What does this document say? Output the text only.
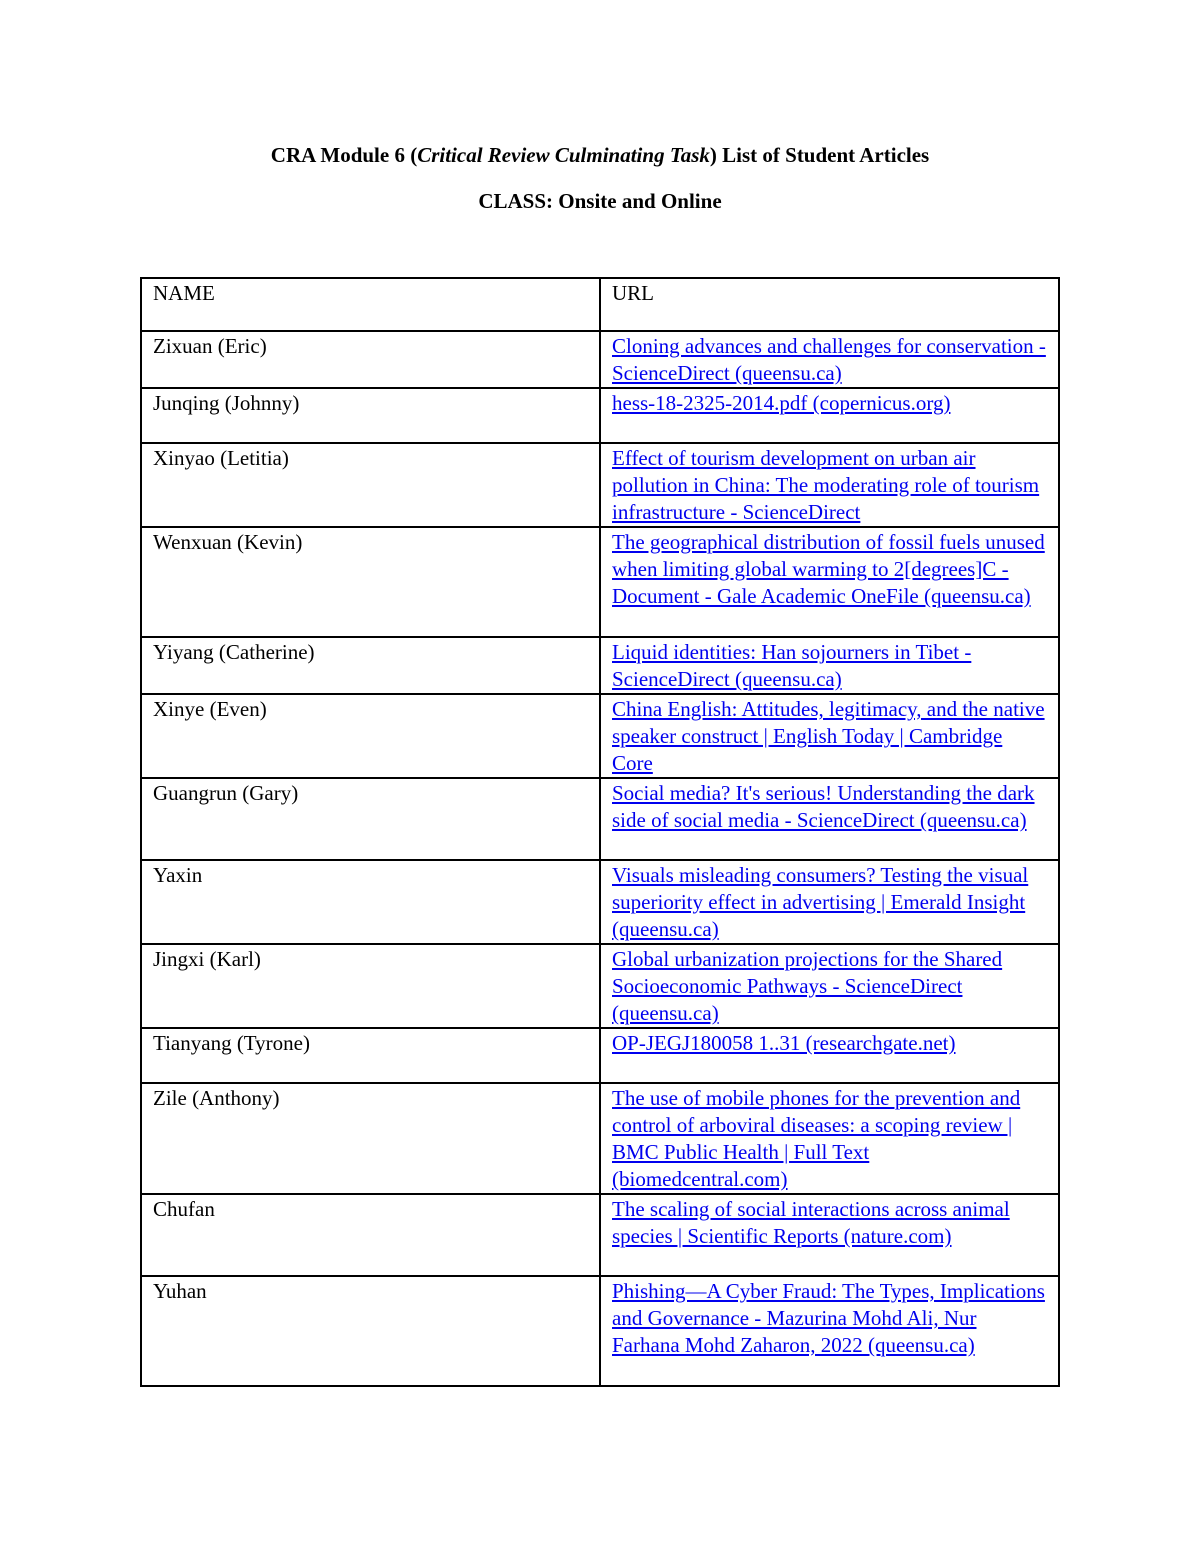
CRA Module 6 (Critical Review Culminating Task) List of Student Articles
CLASS: Onsite and Online
NAME	URL
Zixuan (Eric)	Cloning advances and challenges for conservation - ScienceDirect (queensu.ca)
Junqing (Johnny)	hess-18-2325-2014.pdf (copernicus.org)
Xinyao (Letitia)	Effect of tourism development on urban air pollution in China: The moderating role of tourism infrastructure - ScienceDirect
Wenxuan (Kevin)	The geographical distribution of fossil fuels unused when limiting global warming to 2[degrees]C - Document - Gale Academic OneFile (queensu.ca)
Yiyang (Catherine)	Liquid identities: Han sojourners in Tibet - ScienceDirect (queensu.ca)
Xinye (Even)	China English: Attitudes, legitimacy, and the native speaker construct | English Today | Cambridge Core
Guangrun (Gary)	Social media? It's serious! Understanding the dark side of social media - ScienceDirect (queensu.ca)
Yaxin	Visuals misleading consumers? Testing the visual superiority effect in advertising | Emerald Insight (queensu.ca)
Jingxi (Karl)	Global urbanization projections for the Shared Socioeconomic Pathways - ScienceDirect (queensu.ca)
Tianyang (Tyrone)	OP-JEGJ180058 1..31 (researchgate.net)
Zile (Anthony)	The use of mobile phones for the prevention and control of arboviral diseases: a scoping review | BMC Public Health | Full Text (biomedcentral.com)
Chufan	The scaling of social interactions across animal species | Scientific Reports (nature.com)
Yuhan	Phishing—A Cyber Fraud: The Types, Implications and Governance - Mazurina Mohd Ali, Nur Farhana Mohd Zaharon, 2022 (queensu.ca)
